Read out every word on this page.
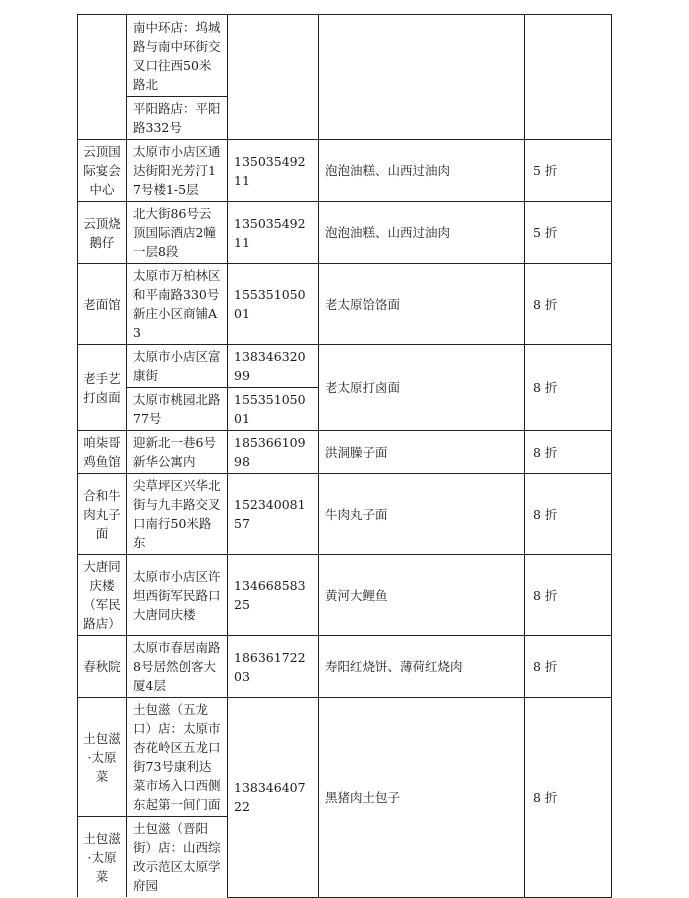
	南中环店：坞城路与南中环街交叉口往西50米路北			
	平阳路店：平阳路332号			
云顶国际宴会中心	太原市小店区通达街阳光芳汀17号楼1-5层	13503549211	泡泡油糕、山西过油肉	5 折
云顶烧鹅仔	北大街86号云顶国际酒店2幢一层8段	13503549211	泡泡油糕、山西过油肉	5 折
老面馆	太原市万柏林区和平南路330号新庄小区商铺A3	15535105001	老太原饸饹面	8 折
老手艺打卤面	太原市小店区富康街	13834632099	老太原打卤面	8 折
	太原市桃园北路77号	15535105001		
咱柒哥鸡鱼馆	迎新北一巷6号新华公寓内	18536610998	洪洞臊子面	8 折
合和牛肉丸子面	尖草坪区兴华北街与九丰路交叉口南行50米路东	15234008157	牛肉丸子面	8 折
大唐同庆楼（军民路店）	太原市小店区许坦西街军民路口大唐同庆楼	13466858325	黄河大鲤鱼	8 折
春秋院	太原市春居南路8号居然创客大厦4层	18636172203	寿阳红烧饼、薄荷红烧肉	8 折
土包滋·太原菜	土包滋（五龙口）店：太原市杏花岭区五龙口街73号康利达菜市场入口西侧东起第一间门面	13834640722	黑猪肉土包子	8 折
土包滋·太原菜	土包滋（晋阳街）店：山西综改示范区太原学府园			
